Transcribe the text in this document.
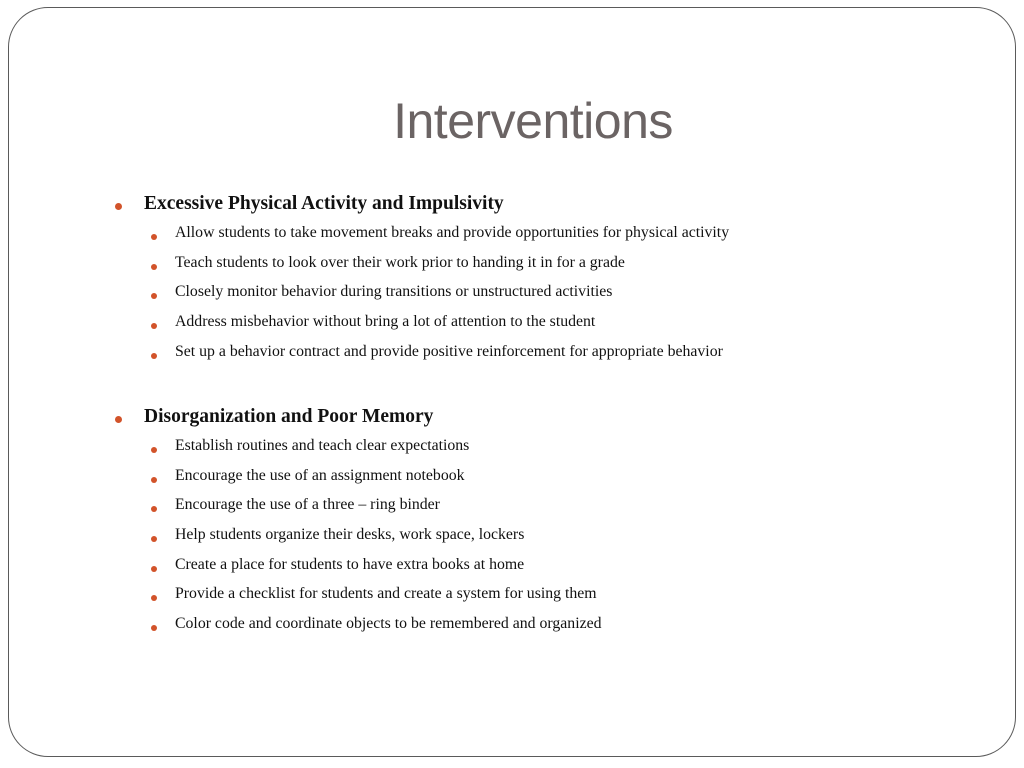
Interventions
Excessive Physical Activity and Impulsivity
Allow students to take movement breaks and provide opportunities for physical activity
Teach students to look over their work prior to handing it in for a grade
Closely monitor behavior during transitions or unstructured activities
Address misbehavior without bring a lot of attention to the student
Set up a behavior contract and provide positive reinforcement for appropriate behavior
Disorganization and Poor Memory
Establish routines and teach clear expectations
Encourage the use of an assignment notebook
Encourage the use of a three – ring binder
Help students organize their desks, work space, lockers
Create a place for students to have extra books at home
Provide a checklist for students and create a system for using them
Color code and coordinate objects to be remembered and organized
